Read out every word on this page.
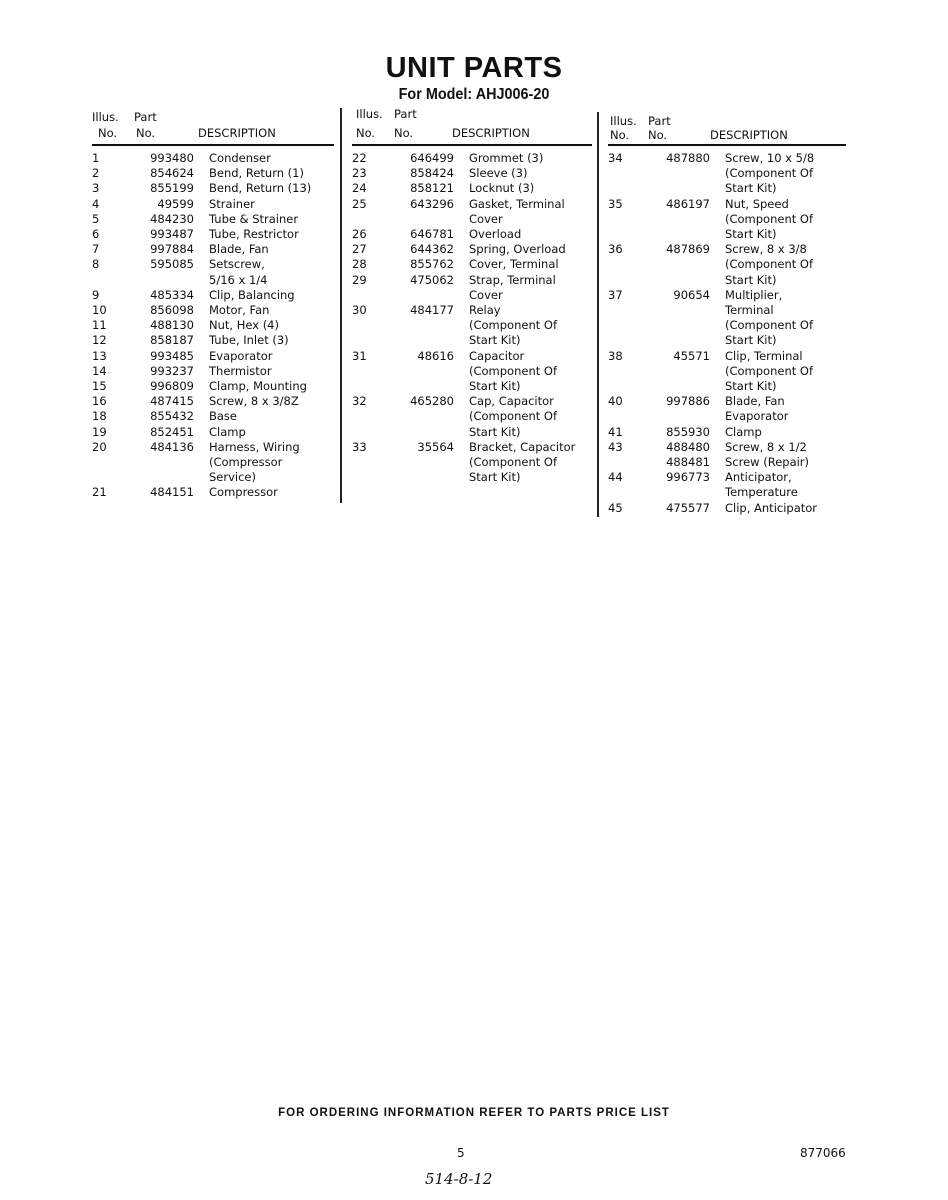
UNIT PARTS
For Model: AHJ006-20
Illus. Part
No. No.	DESCRIPTION
1	993480	Condenser
2	854624	Bend, Return (1)
3	855199	Bend, Return (13)
4	49599	Strainer
5	484230	Tube & Strainer
6	993487	Tube, Restrictor
7	997884	Blade, Fan
8	595085	Setscrew,
5/16 x 1/4
9	485334	Clip, Balancing
10	856098	Motor, Fan
11	488130	Nut, Hex (4)
12	858187	Tube, Inlet (3)
13	993485	Evaporator
14	993237	Thermistor
15	996809	Clamp, Mounting
16	487415	Screw, 8 x 3/8Z
18	855432	Base
19	852451	Clamp
20	484136	Harness, Wiring
(Compressor
Service)
21	484151	Compressor
Illus. Part
No. No.	DESCRIPTION
22	646499	Grommet (3)
23	858424	Sleeve (3)
24	858121	Locknut (3)
25	643296	Gasket, Terminal
Cover
26	646781	Overload
27	644362	Spring, Overload
28	855762	Cover, Terminal
29	475062	Strap, Terminal
Cover
30	484177	Relay
(Component Of
Start Kit)
31	48616	Capacitor
(Component Of
Start Kit)
32	465280	Cap, Capacitor
(Component Of
Start Kit)
33	35564	Bracket, Capacitor
(Component Of
Start Kit)
Illus. Part
No. No.	DESCRIPTION
34	487880	Screw, 10 x 5/8
(Component Of
Start Kit)
35	486197	Nut, Speed
(Component Of
Start Kit)
36	487869	Screw, 8 x 3/8
(Component Of
Start Kit)
37	90654	Multiplier,
Terminal
(Component Of
Start Kit)
38	45571	Clip, Terminal
(Component Of
Start Kit)
40	997886	Blade, Fan
Evaporator
41	855930	Clamp
43	488480	Screw, 8 x 1/2
488481	Screw (Repair)
44	996773	Anticipator,
Temperature
45	475577	Clip, Anticipator
FOR ORDERING INFORMATION REFER TO PARTS PRICE LIST
5	877066
514-8-12
